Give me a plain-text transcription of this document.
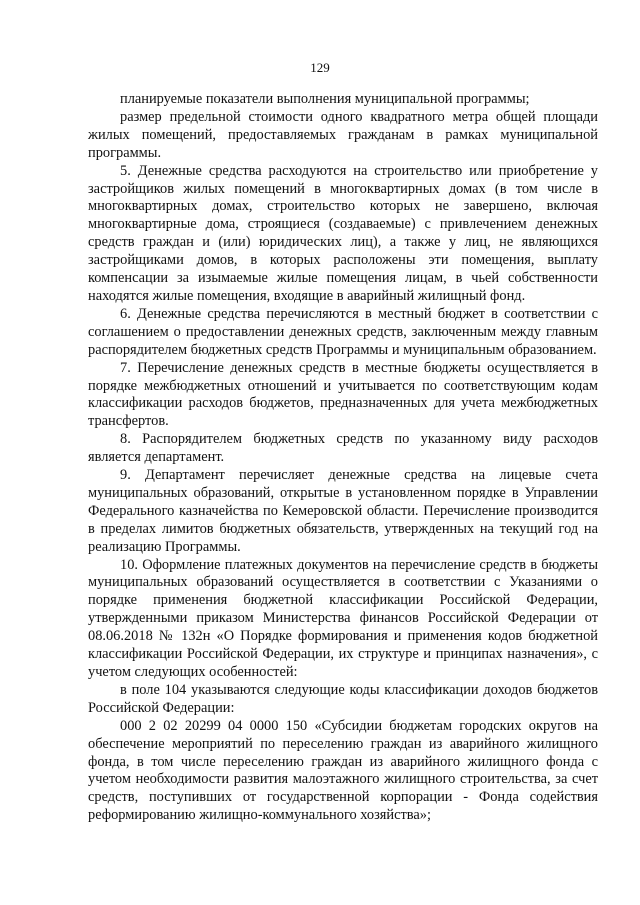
129

планируемые показатели выполнения муниципальной программы;

размер предельной стоимости одного квадратного метра общей площади жилых помещений, предоставляемых гражданам в рамках муниципальной программы.

5. Денежные средства расходуются на строительство или приобретение у застройщиков жилых помещений в многоквартирных домах (в том числе в многоквартирных домах, строительство которых не завершено, включая многоквартирные дома, строящиеся (создаваемые) с привлечением денежных средств граждан и (или) юридических лиц), а также у лиц, не являющихся застройщиками домов, в которых расположены эти помещения, выплату компенсации за изымаемые жилые помещения лицам, в чьей собственности находятся жилые помещения, входящие в аварийный жилищный фонд.

6. Денежные средства перечисляются в местный бюджет в соответствии с соглашением о предоставлении денежных средств, заключенным между главным распорядителем бюджетных средств Программы и муниципальным образованием.

7. Перечисление денежных средств в местные бюджеты осуществляется в порядке межбюджетных отношений и учитывается по соответствующим кодам классификации расходов бюджетов, предназначенных для учета межбюджетных трансфертов.

8. Распорядителем бюджетных средств по указанному виду расходов является департамент.

9. Департамент перечисляет денежные средства на лицевые счета муниципальных образований, открытые в установленном порядке в Управлении Федерального казначейства по Кемеровской области. Перечисление производится в пределах лимитов бюджетных обязательств, утвержденных на текущий год на реализацию Программы.

10. Оформление платежных документов на перечисление средств в бюджеты муниципальных образований осуществляется в соответствии с Указаниями о порядке применения бюджетной классификации Российской Федерации, утвержденными приказом Министерства финансов Российской Федерации от 08.06.2018 № 132н «О Порядке формирования и применения кодов бюджетной классификации Российской Федерации, их структуре и принципах назначения», с учетом следующих особенностей:

в поле 104 указываются следующие коды классификации доходов бюджетов Российской Федерации:

000 2 02 20299 04 0000 150 «Субсидии бюджетам городских округов на обеспечение мероприятий по переселению граждан из аварийного жилищного фонда, в том числе переселению граждан из аварийного жилищного фонда с учетом необходимости развития малоэтажного жилищного строительства, за счет средств, поступивших от государственной корпорации - Фонда содействия реформированию жилищно-коммунального хозяйства»;
